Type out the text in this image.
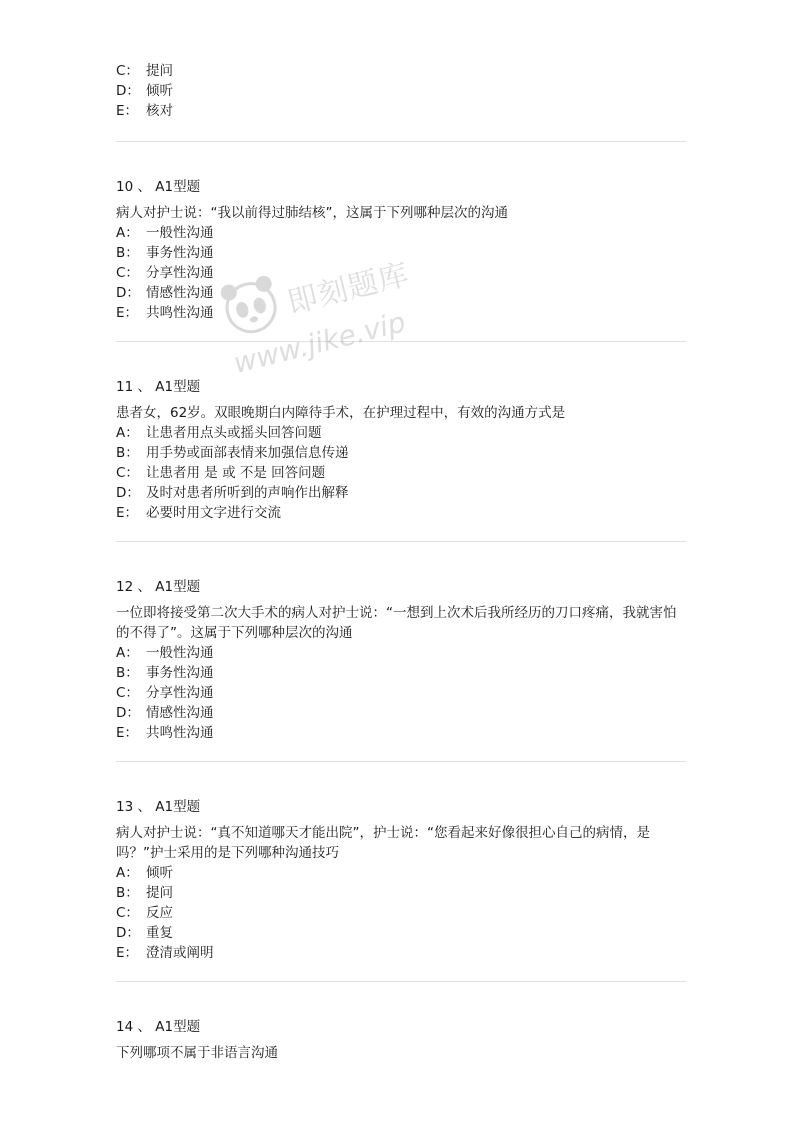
C： 提问
D： 倾听
E： 核对
10 、 A1型题
病人对护士说：“我以前得过肺结核”，这属于下列哪种层次的沟通
A： 一般性沟通
B： 事务性沟通
C： 分享性沟通
D： 情感性沟通
E： 共鸣性沟通
11 、 A1型题
患者女，62岁。双眼晚期白内障待手术，在护理过程中，有效的沟通方式是
A： 让患者用点头或摇头回答问题
B： 用手势或面部表情来加强信息传递
C： 让患者用 是 或 不是 回答问题
D： 及时对患者所听到的声响作出解释
E： 必要时用文字进行交流
12 、 A1型题
一位即将接受第二次大手术的病人对护士说：“一想到上次术后我所经历的刀口疼痛，我就害怕的不得了”。这属于下列哪种层次的沟通
A： 一般性沟通
B： 事务性沟通
C： 分享性沟通
D： 情感性沟通
E： 共鸣性沟通
13 、 A1型题
病人对护士说：“真不知道哪天才能出院”，护士说：“您看起来好像很担心自己的病情，是吗？”护士采用的是下列哪种沟通技巧
A： 倾听
B： 提问
C： 反应
D： 重复
E： 澄清或阐明
14 、 A1型题
下列哪项不属于非语言沟通
即刻题库
www.jike.vip
